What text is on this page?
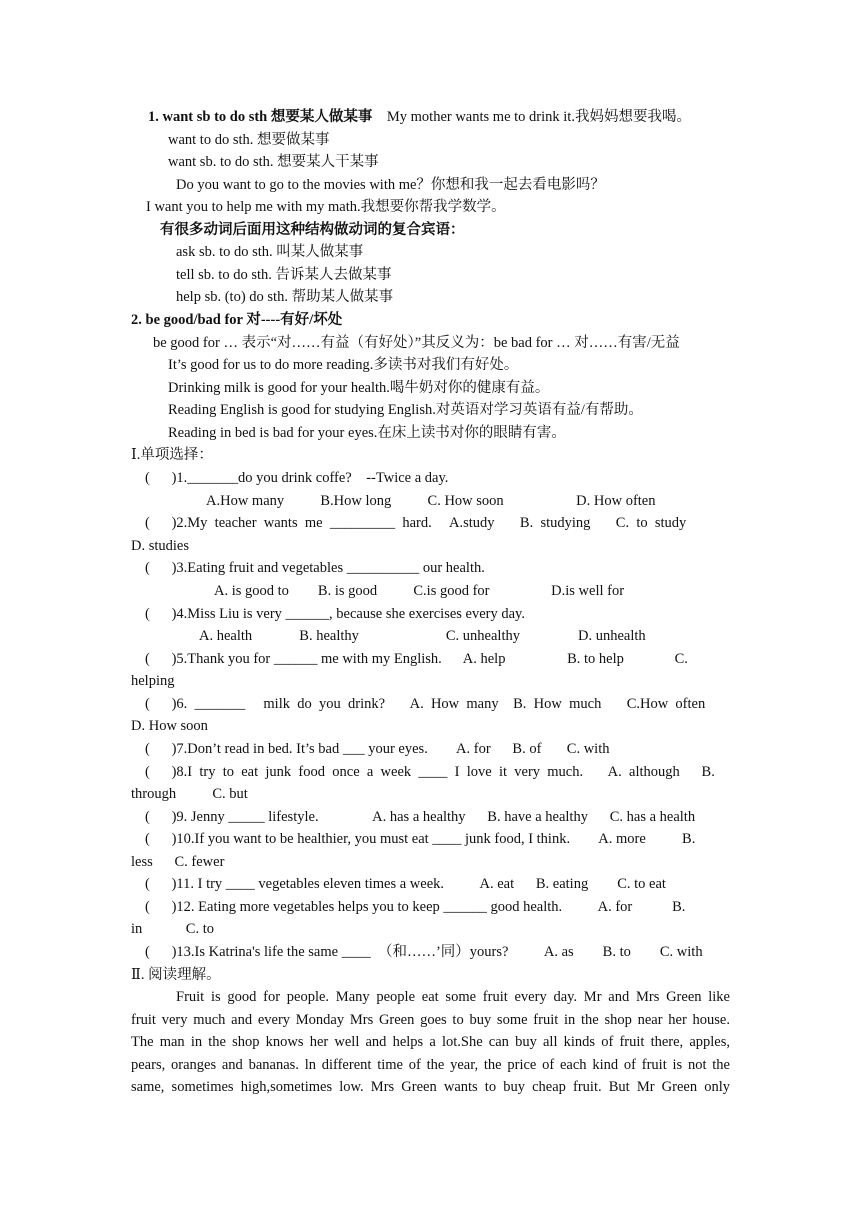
1. want sb to do sth 想要某人做某事 My mother wants me to drink it.我妈妈想要我喝。
want to do sth. 想要做某事
want sb. to do sth. 想要某人干某事
Do you want to go to the movies with me？你想和我一起去看电影吗？
I want you to help me with my math.我想要你帮我学数学。
有很多动词后面用这种结构做动词的复合宾语：
ask sb. to do sth. 叫某人做某事
tell sb. to do sth. 告诉某人去做某事
help sb. (to) do sth. 帮助某人做某事
2. be good/bad for 对----有好/坏处
be good for … 表示“对……有益（有好处）”其反义为：be bad for … 对……有害/无益
It’s good for us to do more reading.多读书对我们有好处。
Drinking milk is good for your health.喝牛奶对你的健康有益。
Reading English is good for studying English.对英语对学习英语有益/有帮助。
Reading in bed is bad for your eyes.在床上读书对你的眼睛有害。
Ⅰ.单项选择：
(      )1._______do you drink coffe?    --Twice a day.
A.How many          B.How long          C. How soon                    D. How often
(      )2.My  teacher  wants  me  _________  hard.     A.study       B.  studying       C.  to  study
D. studies
(      )3.Eating fruit and vegetables __________ our health.
A. is good to        B. is good          C.is good for                 D.is well for
(      )4.Miss Liu is very ______, because she exercises every day.
A. health             B. healthy                        C. unhealthy                D. unhealth
(      )5.Thank you for ______ me with my English.      A. help                 B. to help              C.
helping
(      )6.  _______     milk  do  you  drink?       A.  How  many    B.  How  much       C.How  often
D. How soon
(      )7.Don’t read in bed. It’s bad ___ your eyes.        A. for      B. of       C. with
(      )8.I  try  to  eat  junk  food  once  a  week  ____  I  love  it  very  much.       A.  although      B.
through          C. but
(      )9. Jenny _____ lifestyle.               A. has a healthy      B. have a healthy      C. has a health
(      )10.If you want to be healthier, you must eat ____ junk food, I think.        A. more          B.
less      C. fewer
(      )11. I try ____ vegetables eleven times a week.          A. eat      B. eating        C. to eat
(      )12. Eating more vegetables helps you to keep ______ good health.          A. for           B.
in            C. to
(      )13.Is Katrina's life the same ____  （和……’同）yours?          A. as        B. to        C. with
Ⅱ. 阅读理解。
Fruit is good for people. Many people eat some fruit every day. Mr and Mrs Green like
fruit very much and every Monday Mrs Green goes to buy some fruit in the shop near her house.
The man in the shop knows her well and helps a lot.She can buy all kinds of fruit there, apples,
pears, oranges and bananas. ln different time of the year, the price of each kind of fruit is not the
same, sometimes high,sometimes low. Mrs Green wants to buy cheap fruit. But Mr Green only
